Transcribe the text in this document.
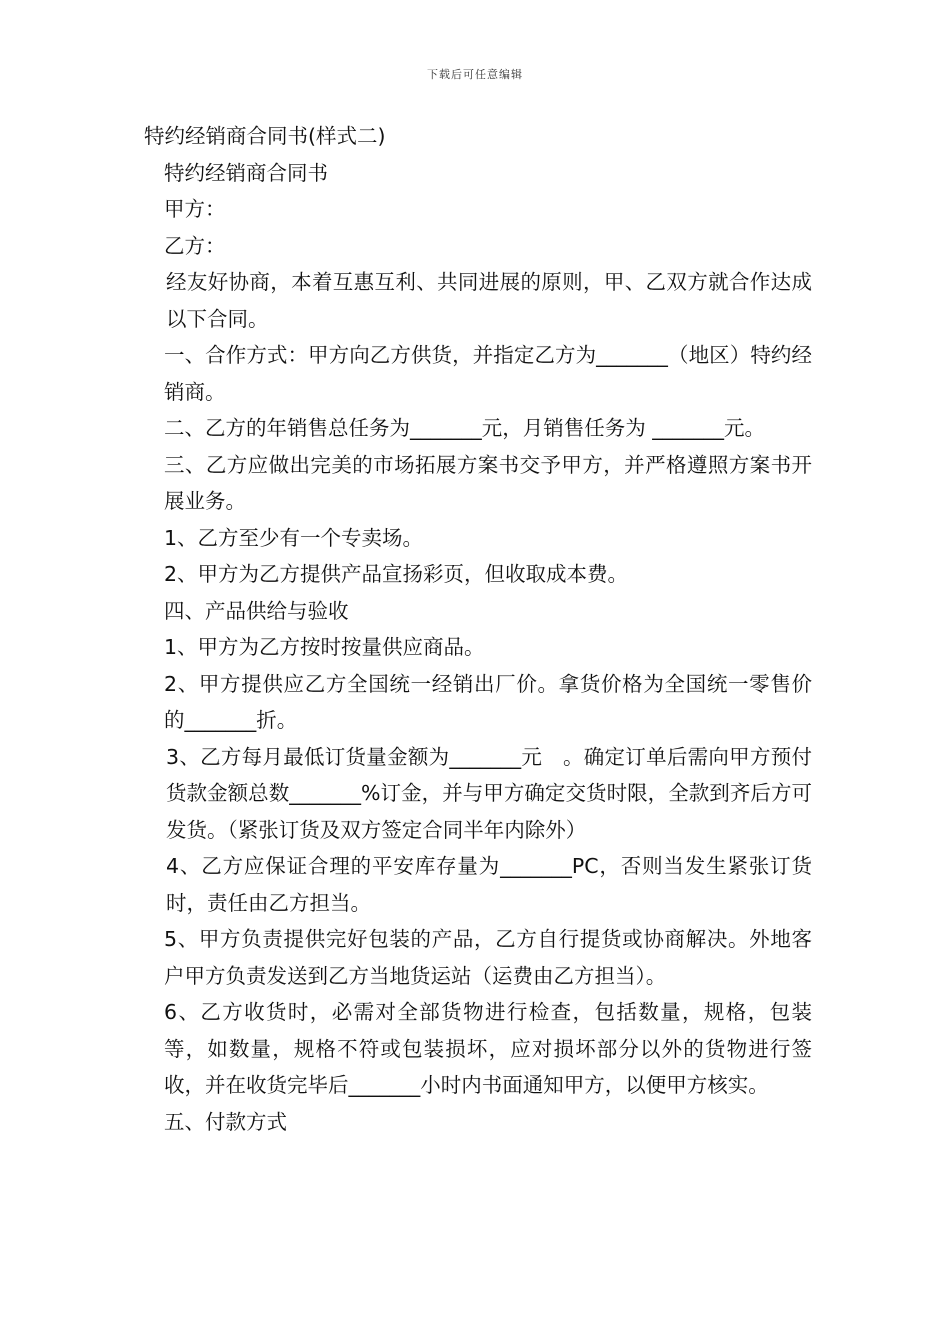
下载后可任意编辑

特约经销商合同书(样式二)

特约经销商合同书

甲方：

乙方：

经友好协商，本着互惠互利、共同进展的原则，甲、乙双方就合作达成以下合同。

一、合作方式：甲方向乙方供货，并指定乙方为_______（地区）特约经销商。

二、乙方的年销售总任务为_______元，月销售任务为 _______元。

三、乙方应做出完美的市场拓展方案书交予甲方，并严格遵照方案书开展业务。

1、乙方至少有一个专卖场。

2、甲方为乙方提供产品宣扬彩页，但收取成本费。

四、产品供给与验收

1、甲方为乙方按时按量供应商品。

2、甲方提供应乙方全国统一经销出厂价。拿货价格为全国统一零售价的_______折。

3、乙方每月最低订货量金额为_______元　。确定订单后需向甲方预付货款金额总数_______%订金，并与甲方确定交货时限，全款到齐后方可发货。（紧张订货及双方签定合同半年内除外）

4、乙方应保证合理的平安库存量为_______PC，否则当发生紧张订货时，责任由乙方担当。

5、甲方负责提供完好包装的产品，乙方自行提货或协商解决。外地客户甲方负责发送到乙方当地货运站（运费由乙方担当）。

6、乙方收货时，必需对全部货物进行检查，包括数量，规格，包装等，如数量，规格不符或包装损坏，应对损坏部分以外的货物进行签收，并在收货完毕后_______小时内书面通知甲方，以便甲方核实。

五、付款方式
